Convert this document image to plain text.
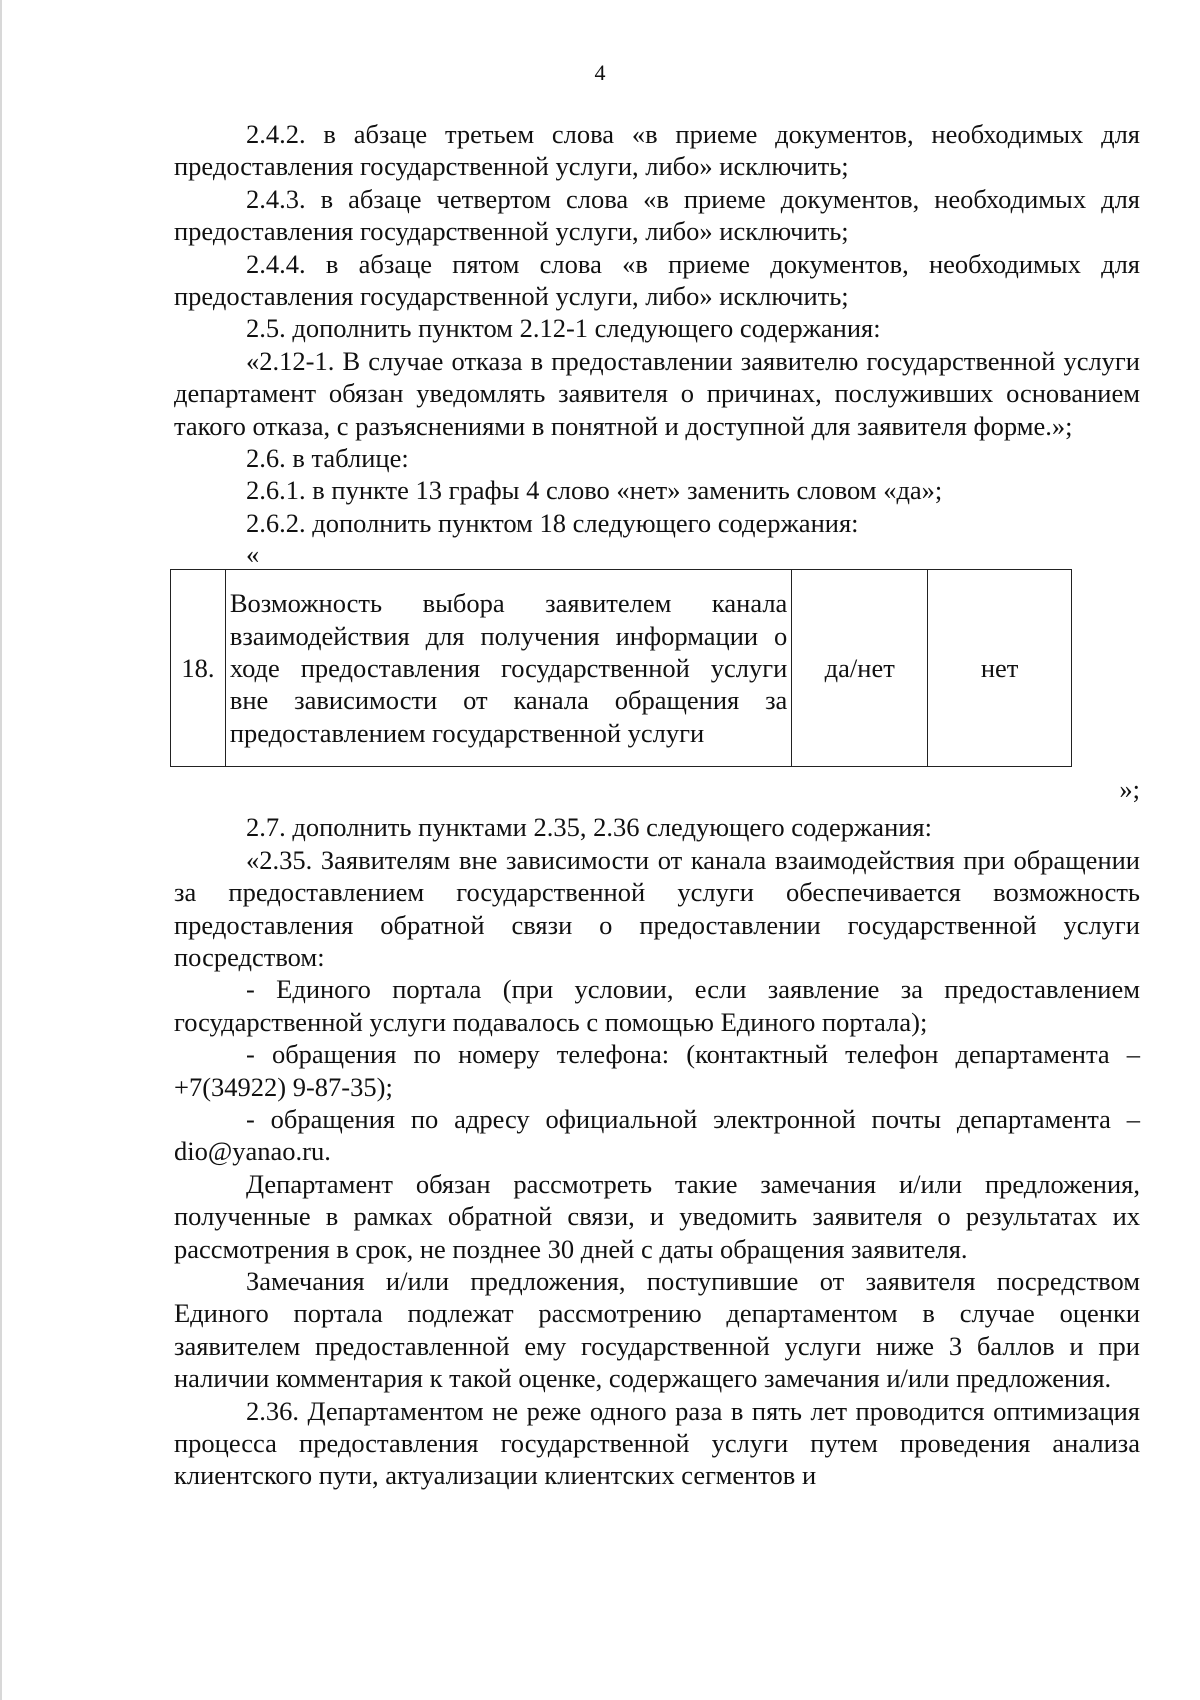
4

2.4.2. в абзаце третьем слова «в приеме документов, необходимых для предоставления государственной услуги, либо» исключить;

2.4.3. в абзаце четвертом слова «в приеме документов, необходимых для предоставления государственной услуги, либо» исключить;

2.4.4. в абзаце пятом слова «в приеме документов, необходимых для предоставления государственной услуги, либо» исключить;

2.5. дополнить пунктом 2.12-1 следующего содержания:

«2.12-1. В случае отказа в предоставлении заявителю государственной услуги департамент обязан уведомлять заявителя о причинах, послуживших основанием такого отказа, с разъяснениями в понятной и доступной для заявителя форме.»;

2.6. в таблице:

2.6.1. в пункте 13 графы 4 слово «нет» заменить словом «да»;

2.6.2. дополнить пунктом 18 следующего содержания:

«
18.	Возможность выбора заявителем канала взаимодействия для получения информации о ходе предоставления государственной услуги вне зависимости от канала обращения за предоставлением государственной услуги	да/нет	нет
»;

2.7. дополнить пунктами 2.35, 2.36 следующего содержания:

«2.35. Заявителям вне зависимости от канала взаимодействия при обращении за предоставлением государственной услуги обеспечивается возможность предоставления обратной связи о предоставлении государственной услуги посредством:

- Единого портала (при условии, если заявление за предоставлением государственной услуги подавалось с помощью Единого портала);

- обращения по номеру телефона: (контактный телефон департамента – +7(34922) 9-87-35);

- обращения по адресу официальной электронной почты департамента – dio@yanao.ru.

Департамент обязан рассмотреть такие замечания и/или предложения, полученные в рамках обратной связи, и уведомить заявителя о результатах их рассмотрения в срок, не позднее 30 дней с даты обращения заявителя.

Замечания и/или предложения, поступившие от заявителя посредством Единого портала подлежат рассмотрению департаментом в случае оценки заявителем предоставленной ему государственной услуги ниже 3 баллов и при наличии комментария к такой оценке, содержащего замечания и/или предложения.

2.36. Департаментом не реже одного раза в пять лет проводится оптимизация процесса предоставления государственной услуги путем проведения анализа клиентского пути, актуализации клиентских сегментов и
